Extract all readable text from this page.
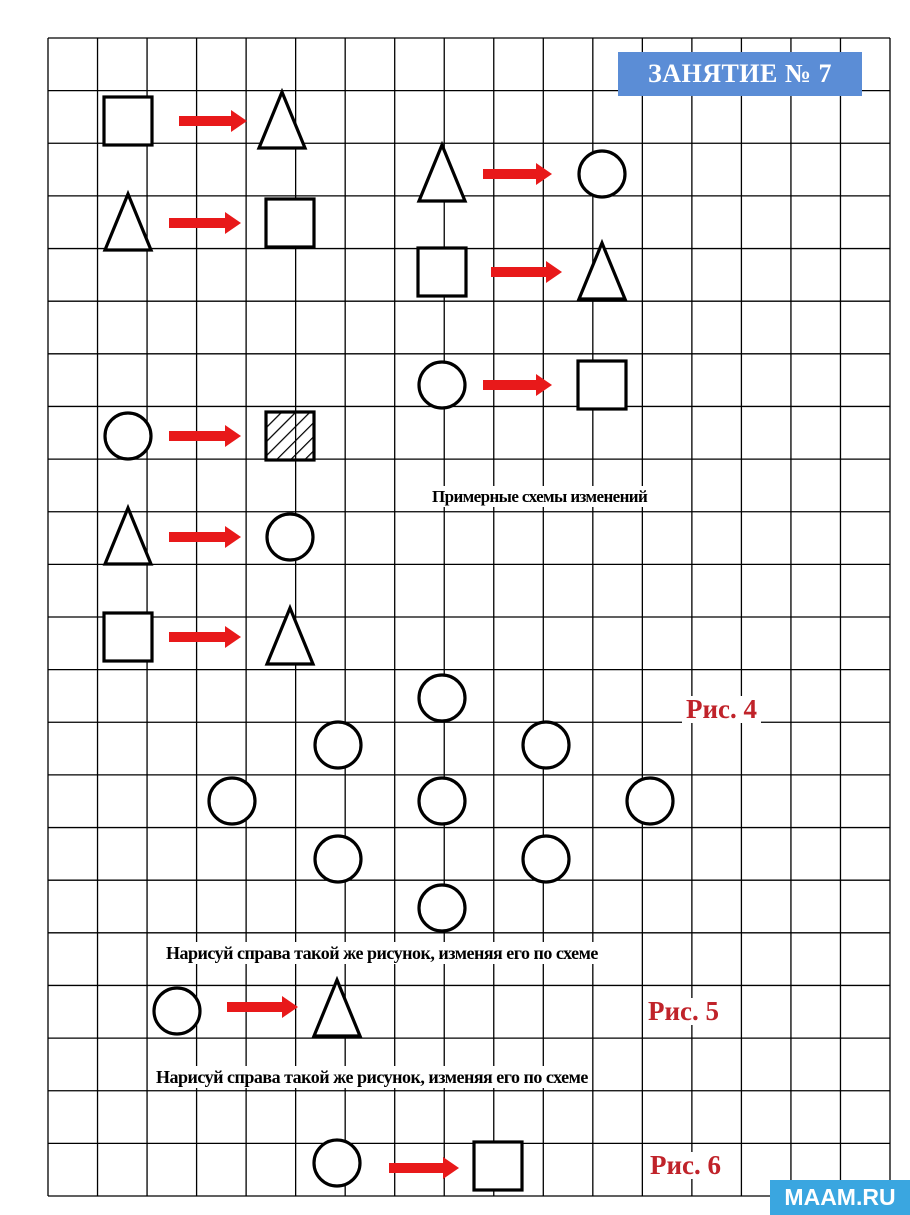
ЗАНЯТИЕ № 7
Примерные схемы изменений
Нарисуй справа такой же рисунок, изменяя его по схеме
Нарисуй справа такой же рисунок, изменяя его по схеме
Рис. 4
Рис. 5
Рис. 6
MAAM.RU
